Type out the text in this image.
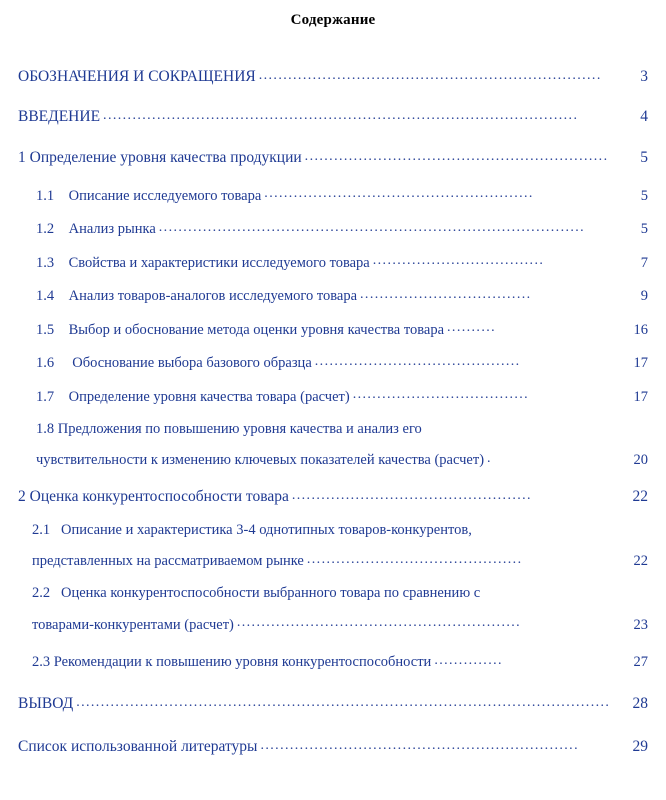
Содержание
ОБОЗНАЧЕНИЯ И СОКРАЩЕНИЯ ......................................................................	3
ВВЕДЕНИЕ .................................................................................................	4
1
Определение уровня качества продукции ..............................................................	5
1.1
Описание исследуемого товара .......................................................	5
1.2
Анализ рынка .......................................................................................	5
1.3
Свойства и характеристики исследуемого товара ...................................	7
1.4
Анализ товаров-аналогов исследуемого товара ...................................	9
1.5
Выбор и обоснование метода оценки уровня качества товара ..........	16
1.6
Обоснование выбора базового образца ..........................................	17
1.7
Определение уровня качества товара (расчет) ....................................	17
1.8 Предложения по повышению уровня качества и анализ его
чувствительности к изменению ключевых показателей качества (расчет) .	20
2
Оценка конкурентоспособности товара .................................................	22
2.1 Описание и характеристика 3-4 однотипных товаров-конкурентов,
представленных на рассматриваемом рынке ............................................	22
2.2 Оценка конкурентоспособности выбранного товара по сравнению с
товарами-конкурентами (расчет) ..........................................................	23
2.3
Рекомендации к повышению уровня конкурентоспособности ..............	27
ВЫВОД .............................................................................................................	28
Список использованной литературы .................................................................	29
